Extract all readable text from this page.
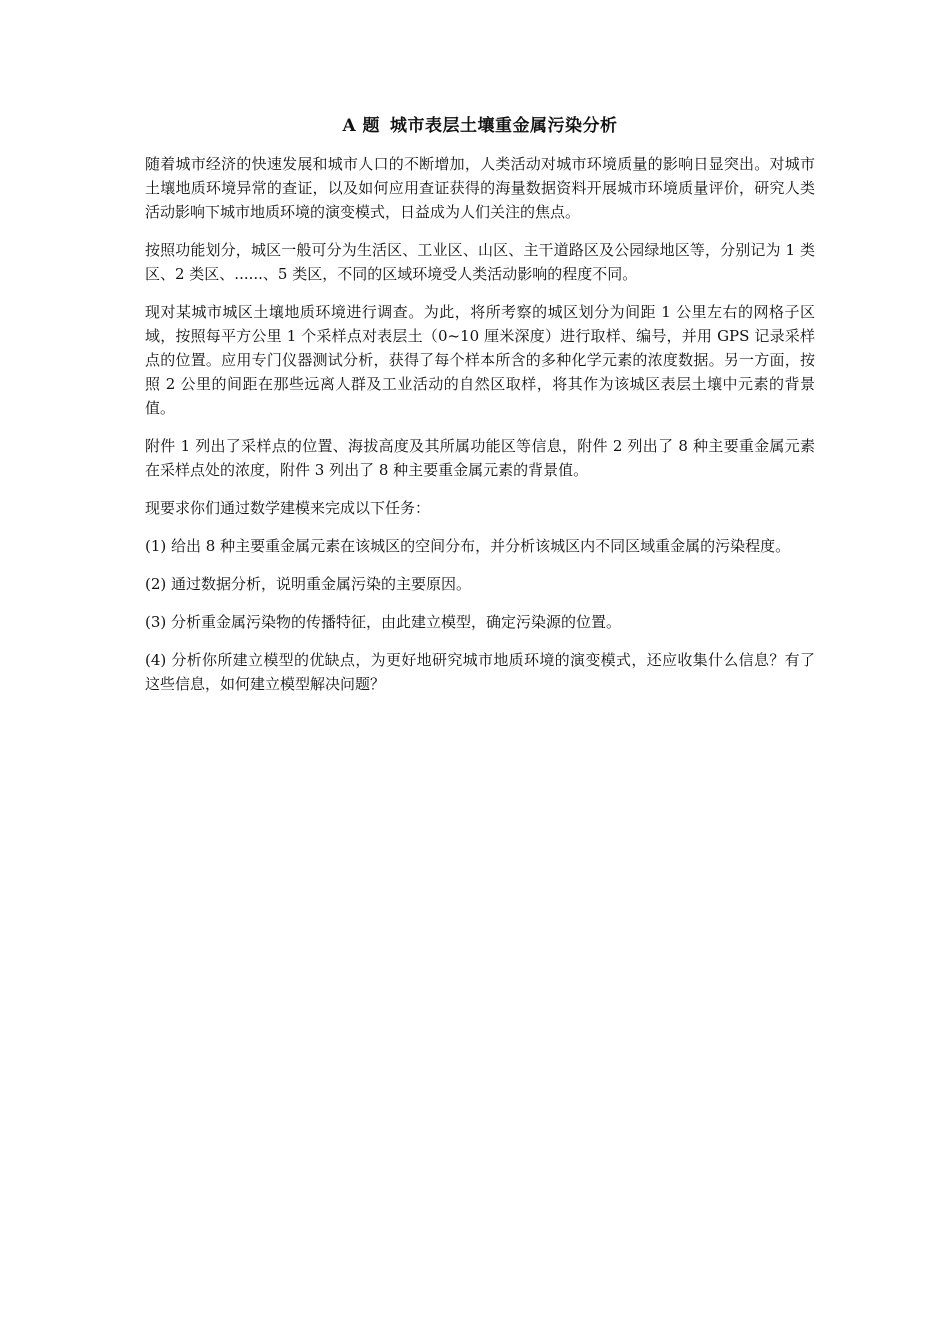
A 题 城市表层土壤重金属污染分析

随着城市经济的快速发展和城市人口的不断增加，人类活动对城市环境质量的影响日显突出。对城市土壤地质环境异常的查证，以及如何应用查证获得的海量数据资料开展城市环境质量评价，研究人类活动影响下城市地质环境的演变模式，日益成为人们关注的焦点。

按照功能划分，城区一般可分为生活区、工业区、山区、主干道路区及公园绿地区等，分别记为 1 类区、2 类区、......、5 类区，不同的区域环境受人类活动影响的程度不同。

现对某城市城区土壤地质环境进行调查。为此，将所考察的城区划分为间距 1 公里左右的网格子区域，按照每平方公里 1 个采样点对表层土（0~10 厘米深度）进行取样、编号，并用 GPS 记录采样点的位置。应用专门仪器测试分析，获得了每个样本所含的多种化学元素的浓度数据。另一方面，按照 2 公里的间距在那些远离人群及工业活动的自然区取样，将其作为该城区表层土壤中元素的背景值。

附件 1 列出了采样点的位置、海拔高度及其所属功能区等信息，附件 2 列出了 8 种主要重金属元素在采样点处的浓度，附件 3 列出了 8 种主要重金属元素的背景值。

现要求你们通过数学建模来完成以下任务：

(1) 给出 8 种主要重金属元素在该城区的空间分布，并分析该城区内不同区域重金属的污染程度。

(2) 通过数据分析，说明重金属污染的主要原因。

(3) 分析重金属污染物的传播特征，由此建立模型，确定污染源的位置。

(4) 分析你所建立模型的优缺点，为更好地研究城市地质环境的演变模式，还应收集什么信息？有了这些信息，如何建立模型解决问题？
